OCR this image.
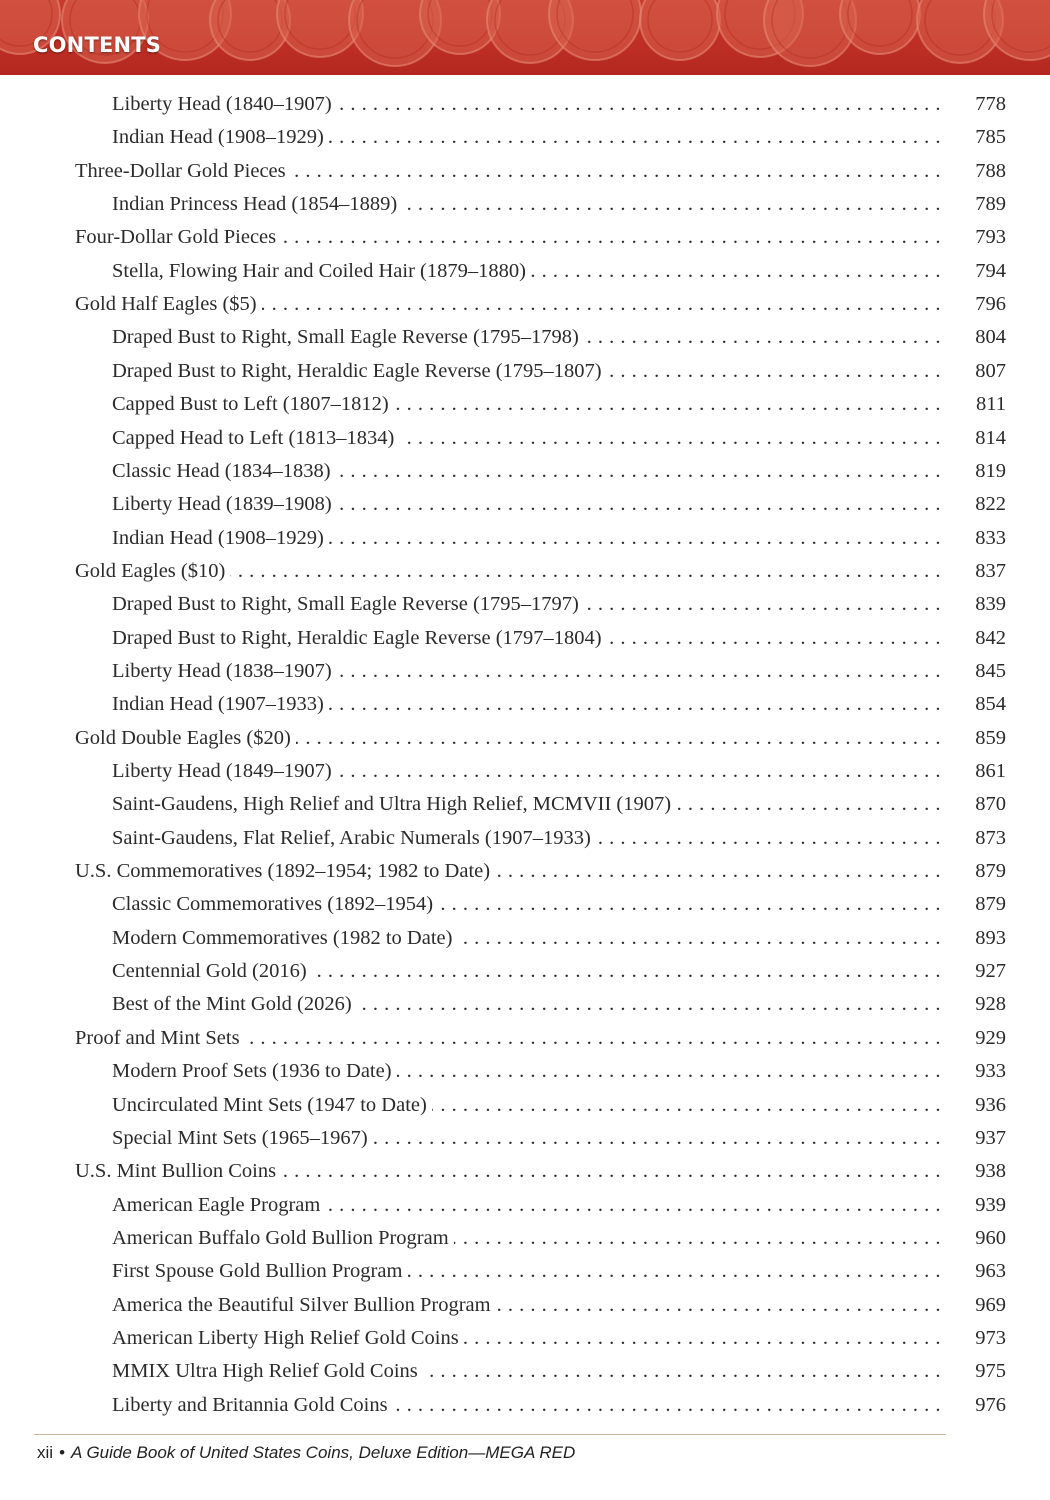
CONTENTS
Liberty Head (1840–1907) . . .	778
Indian Head (1908–1929) . . .	785
Three-Dollar Gold Pieces . . .	788
Indian Princess Head (1854–1889) . . .	789
Four-Dollar Gold Pieces . . .	793
Stella, Flowing Hair and Coiled Hair (1879–1880) . . .	794
Gold Half Eagles ($5) . . .	796
Draped Bust to Right, Small Eagle Reverse (1795–1798) . . .	804
Draped Bust to Right, Heraldic Eagle Reverse (1795–1807) . . .	807
Capped Bust to Left (1807–1812) . . .	811
Capped Head to Left (1813–1834) . . .	814
Classic Head (1834–1838) . . .	819
Liberty Head (1839–1908) . . .	822
Indian Head (1908–1929) . . .	833
Gold Eagles ($10) . . .	837
Draped Bust to Right, Small Eagle Reverse (1795–1797) . . .	839
Draped Bust to Right, Heraldic Eagle Reverse (1797–1804) . . .	842
Liberty Head (1838–1907) . . .	845
Indian Head (1907–1933) . . .	854
Gold Double Eagles ($20) . . .	859
Liberty Head (1849–1907) . . .	861
Saint-Gaudens, High Relief and Ultra High Relief, MCMVII (1907) . . .	870
Saint-Gaudens, Flat Relief, Arabic Numerals (1907–1933) . . .	873
U.S. Commemoratives (1892–1954; 1982 to Date) . . .	879
Classic Commemoratives (1892–1954) . . .	879
Modern Commemoratives (1982 to Date) . . .	893
Centennial Gold (2016) . . .	927
Best of the Mint Gold (2026) . . .	928
Proof and Mint Sets . . .	929
Modern Proof Sets (1936 to Date) . . .	933
Uncirculated Mint Sets (1947 to Date) . . .	936
Special Mint Sets (1965–1967) . . .	937
U.S. Mint Bullion Coins . . .	938
American Eagle Program . . .	939
American Buffalo Gold Bullion Program . . .	960
First Spouse Gold Bullion Program . . .	963
America the Beautiful Silver Bullion Program . . .	969
American Liberty High Relief Gold Coins . . .	973
MMIX Ultra High Relief Gold Coins . . .	975
Liberty and Britannia Gold Coins . . .	976
xii • A Guide Book of United States Coins, Deluxe Edition—MEGA RED
